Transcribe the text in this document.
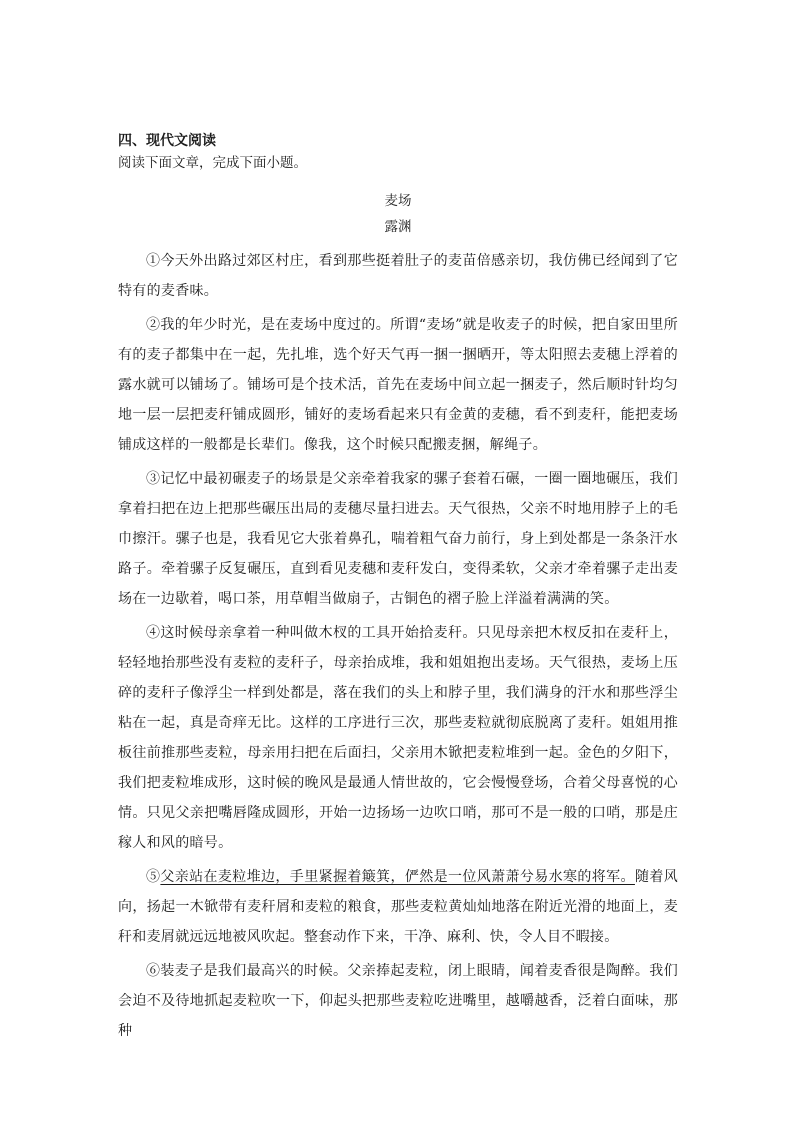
四、现代文阅读

阅读下面文章，完成下面小题。

麦场

露渊

①今天外出路过郊区村庄，看到那些挺着肚子的麦苗倍感亲切，我仿佛已经闻到了它特有的麦香味。

②我的年少时光，是在麦场中度过的。所谓“麦场”就是收麦子的时候，把自家田里所有的麦子都集中在一起，先扎堆，选个好天气再一捆一捆晒开，等太阳照去麦穗上浮着的露水就可以铺场了。铺场可是个技术活，首先在麦场中间立起一捆麦子，然后顺时针均匀地一层一层把麦秆铺成圆形，铺好的麦场看起来只有金黄的麦穗，看不到麦秆，能把麦场铺成这样的一般都是长辈们。像我，这个时候只配搬麦捆，解绳子。

③记忆中最初碾麦子的场景是父亲牵着我家的骡子套着石碾，一圈一圈地碾压，我们拿着扫把在边上把那些碾压出局的麦穗尽量扫进去。天气很热，父亲不时地用脖子上的毛巾擦汗。骡子也是，我看见它大张着鼻孔，喘着粗气奋力前行，身上到处都是一条条汗水路子。牵着骡子反复碾压，直到看见麦穗和麦秆发白，变得柔软，父亲才牵着骡子走出麦场在一边歇着，喝口茶，用草帽当做扇子，古铜色的褶子脸上洋溢着满满的笑。

④这时候母亲拿着一种叫做木杈的工具开始拾麦秆。只见母亲把木杈反扣在麦秆上，轻轻地抬那些没有麦粒的麦秆子，母亲抬成堆，我和姐姐抱出麦场。天气很热，麦场上压碎的麦秆子像浮尘一样到处都是，落在我们的头上和脖子里，我们满身的汗水和那些浮尘粘在一起，真是奇痒无比。这样的工序进行三次，那些麦粒就彻底脱离了麦秆。姐姐用推板往前推那些麦粒，母亲用扫把在后面扫，父亲用木锨把麦粒堆到一起。金色的夕阳下，我们把麦粒堆成形，这时候的晚风是最通人情世故的，它会慢慢登场，合着父母喜悦的心情。只见父亲把嘴唇隆成圆形，开始一边扬场一边吹口哨，那可不是一般的口哨，那是庄稼人和风的暗号。

⑤父亲站在麦粒堆边，手里紧握着簸箕，俨然是一位风萧萧兮易水寒的将军。随着风向，扬起一木锨带有麦秆屑和麦粒的粮食，那些麦粒黄灿灿地落在附近光滑的地面上，麦秆和麦屑就远远地被风吹起。整套动作下来，干净、麻利、快，令人目不暇接。

⑥装麦子是我们最高兴的时候。父亲捧起麦粒，闭上眼睛，闻着麦香很是陶醉。我们会迫不及待地抓起麦粒吹一下，仰起头把那些麦粒吃进嘴里，越嚼越香，泛着白面味，那种
